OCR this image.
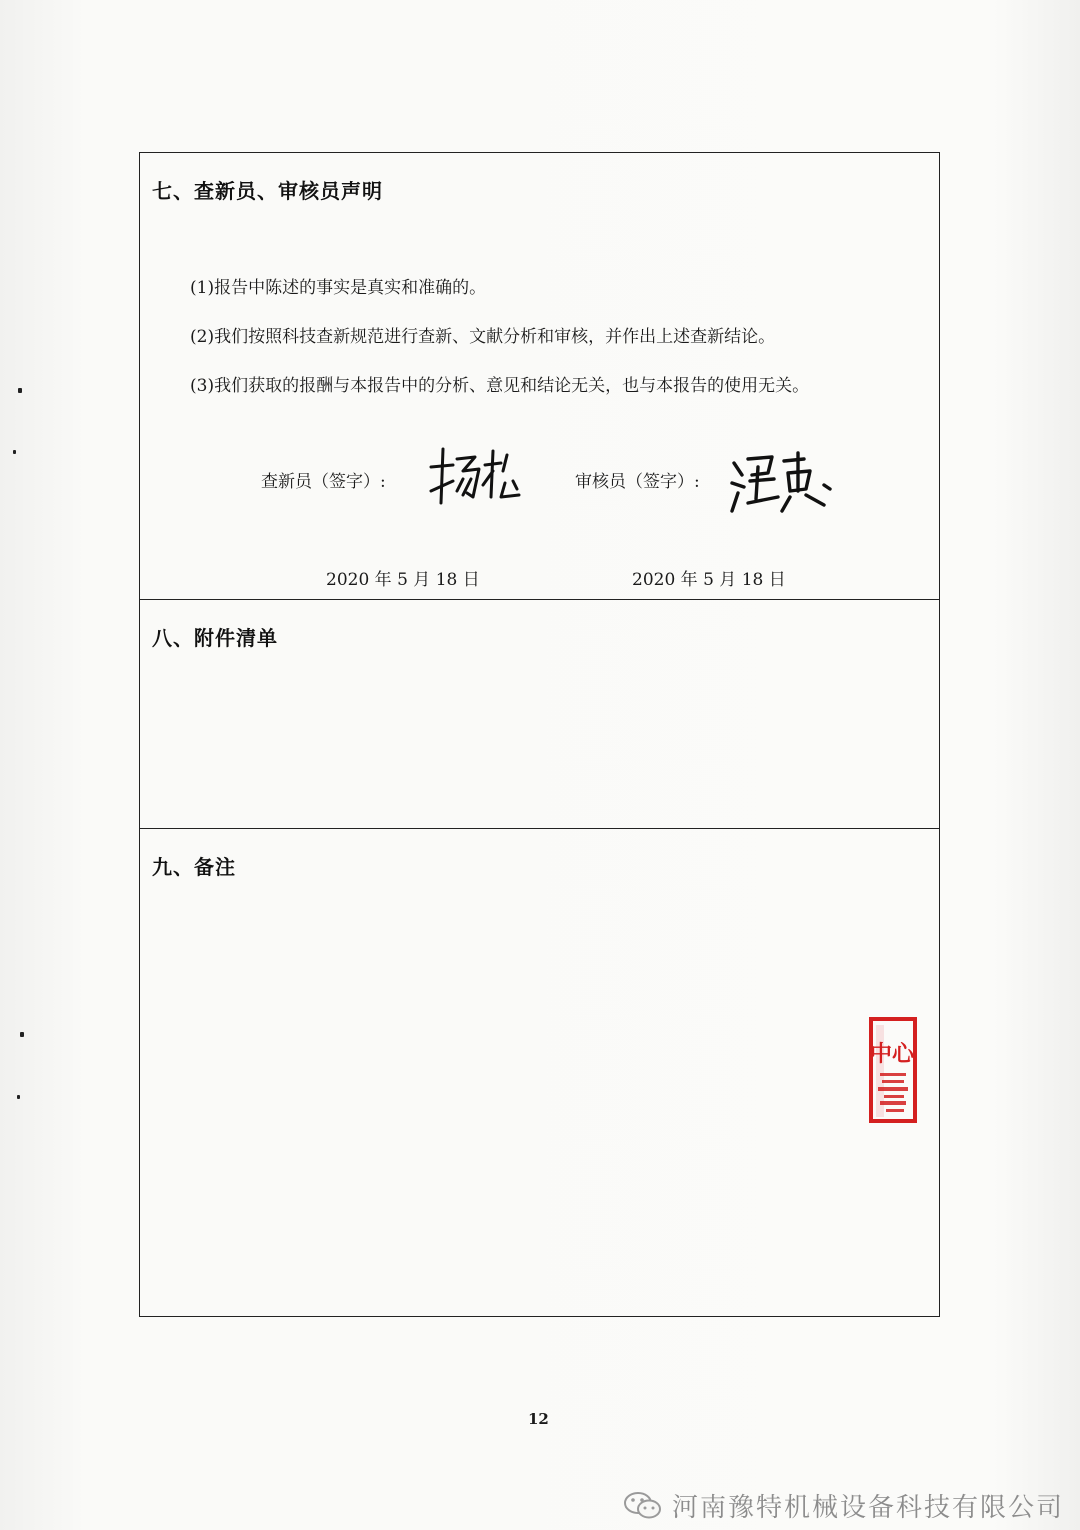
七、查新员、审核员声明
(1)报告中陈述的事实是真实和准确的。
(2)我们按照科技查新规范进行查新、文献分析和审核，并作出上述查新结论。
(3)我们获取的报酬与本报告中的分析、意见和结论无关，也与本报告的使用无关。
查新员（签字）:	审核员（签字）:
2020 年 5 月 18 日	2020 年 5 月 18 日
八、附件清单
九、备注
中心
12
河南豫特机械设备科技有限公司
